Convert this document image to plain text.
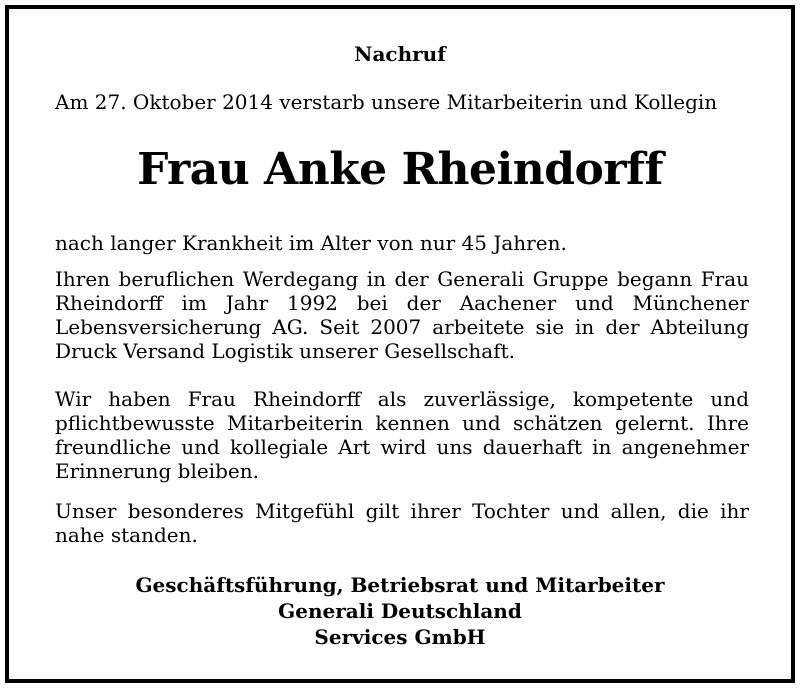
Nachruf
Am 27. Oktober 2014 verstarb unsere Mitarbeiterin und Kollegin
Frau Anke Rheindorff
nach langer Krankheit im Alter von nur 45 Jahren.
Ihren beruflichen Werdegang in der Generali Gruppe begann Frau Rheindorff im Jahr 1992 bei der Aachener und Münchener Lebensversicherung AG. Seit 2007 arbeitete sie in der Abteilung Druck Versand Logistik unserer Gesellschaft.
Wir haben Frau Rheindorff als zuverlässige, kompetente und pflichtbewusste Mitarbeiterin kennen und schätzen gelernt. Ihre freundliche und kollegiale Art wird uns dauerhaft in angenehmer Erinnerung bleiben.
Unser besonderes Mitgefühl gilt ihrer Tochter und allen, die ihr nahe standen.
Geschäftsführung, Betriebsrat und Mitarbeiter
Generali Deutschland
Services GmbH
